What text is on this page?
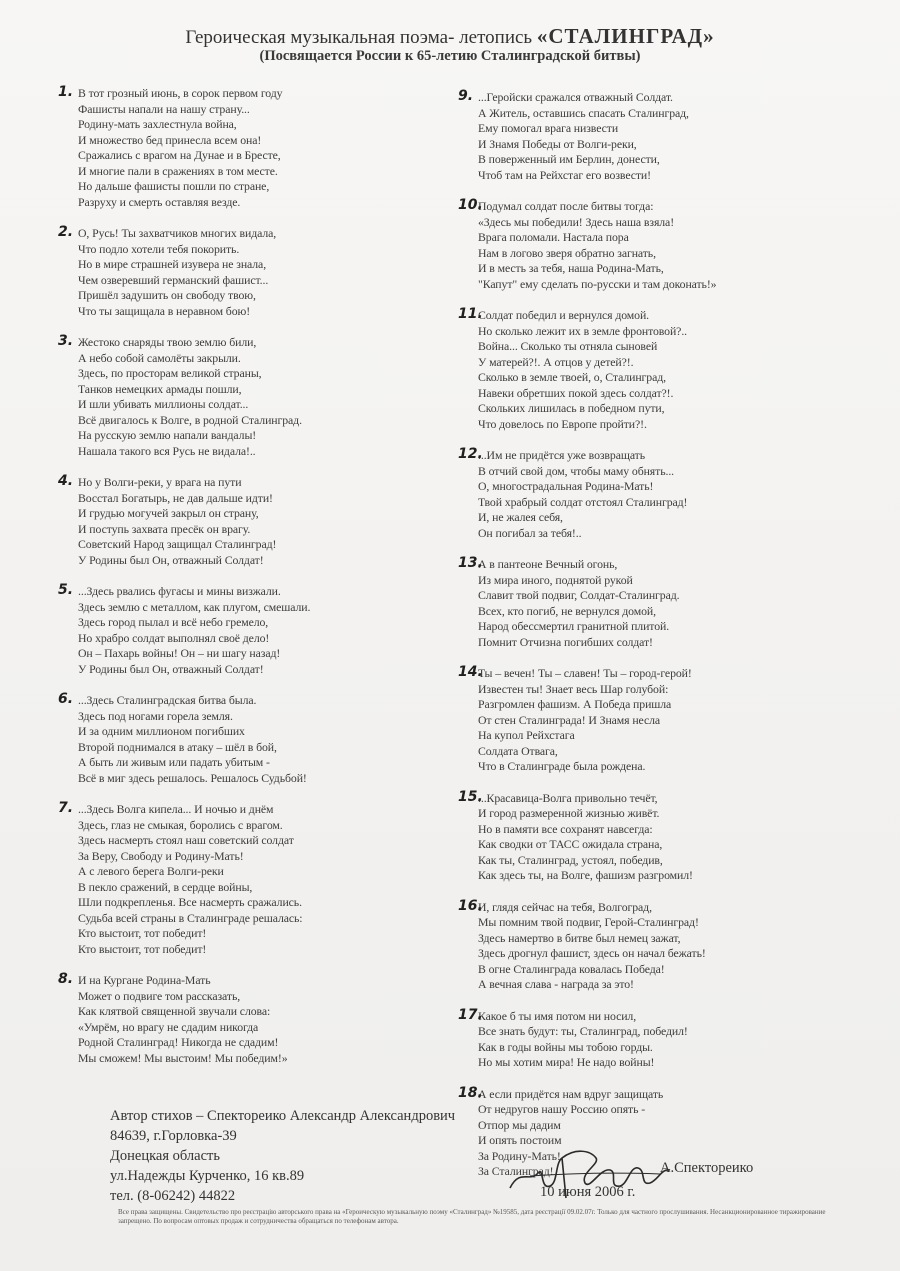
Героическая музыкальная поэма- летопись «СТАЛИНГРАД»
(Посвящается России к 65-летию Сталинградской битвы)
1. В тот грозный июнь, в сорок первом году
Фашисты напали на нашу страну...
Родину-мать захлестнула война,
И множество бед принесла всем она!
Сражались с врагом на Дунае и в Бресте,
И многие пали в сражениях в том месте.
Но дальше фашисты пошли по стране,
Разруху и смерть оставляя везде.
2. О, Русь! Ты захватчиков многих видала,
Что подло хотели тебя покорить.
Но в мире страшней изувера не знала,
Чем озверевший германский фашист...
Пришёл задушить он свободу твою,
Что ты защищала в неравном бою!
3. Жестоко снаряды твою землю били,
А небо собой самолёты закрыли.
Здесь, по просторам великой страны,
Танков немецких армады пошли,
И шли убивать миллионы солдат...
Всё двигалось к Волге, в родной Сталинград.
На русскую землю напали вандалы!
Нашала такого вся Русь не видала!..
4. Но у Волги-реки, у врага на пути
Восстал Богатырь, не дав дальше идти!
И грудью могучей закрыл он страну,
И поступь захвата пресёк он врагу.
Советский Народ защищал Сталинград!
У Родины был Он, отважный Солдат!
5. ...Здесь рвались фугасы и мины визжали.
Здесь землю с металлом, как плугом, смешали.
Здесь город пылал и всё небо гремело,
Но храбро солдат выполнял своё дело!
Он – Пахарь войны! Он – ни шагу назад!
У Родины был Он, отважный Солдат!
6. ...Здесь Сталинградская битва была.
Здесь под ногами горела земля.
И за одним миллионом погибших
Второй поднимался в атаку – шёл в бой,
А быть ли живым или падать убитым -
Всё в миг здесь решалось. Решалось Судьбой!
7. ...Здесь Волга кипела... И ночью и днём
Здесь, глаз не смыкая, боролись с врагом.
Здесь насмерть стоял наш советский солдат
За Веру, Свободу и Родину-Мать!
А с левого берега Волги-реки
В пекло сражений, в сердце войны,
Шли подкрепленья. Все насмерть сражались.
Судьба всей страны в Сталинграде решалась:
Кто выстоит, тот победит!
Кто выстоит, тот победит!
8. И на Кургане Родина-Мать
Может о подвиге том рассказать,
Как клятвой священной звучали слова:
«Умрём, но врагу не сдадим никогда
Родной Сталинград! Никогда не сдадим!
Мы сможем! Мы выстоим! Мы победим!»
9. ...Геройски сражался отважный Солдат.
А Житель, оставшись спасать Сталинград,
Ему помогал врага низвести
И Знамя Победы от Волги-реки,
В поверженный им Берлин, донести,
Чтоб там на Рейхстаг его возвести!
10.
Подумал солдат после битвы тогда:
«Здесь мы победили! Здесь наша взяла!
Врага поломали. Настала пора
Нам в логово зверя обратно загнать,
И в месть за тебя, наша Родина-Мать,
"Капут" ему сделать по-русски и там доконать!»
11.
Солдат победил и вернулся домой.
Но сколько лежит их в земле фронтовой?..
Война... Сколько ты отняла сыновей
У матерей?!. А отцов у детей?!.
Сколько в земле твоей, о, Сталинград,
Навеки обретших покой здесь солдат?!.
Скольких лишилась в победном пути,
Что довелось по Европе пройти?!.
12.
...Им не придётся уже возвращать
В отчий свой дом, чтобы маму обнять...
О, многострадальная Родина-Мать!
Твой храбрый солдат отстоял Сталинград!
И, не жалея себя,
Он погибал за тебя!..
13.
А в пантеоне Вечный огонь,
Из мира иного, поднятой рукой
Славит твой подвиг, Солдат-Сталинград.
Всех, кто погиб, не вернулся домой,
Народ обессмертил гранитной плитой.
Помнит Отчизна погибших солдат!
14.
Ты – вечен! Ты – славен! Ты – город-герой!
Известен ты! Знает весь Шар голубой:
Разгромлен фашизм. А Победа пришла
От стен Сталинграда! И Знамя несла
На купол Рейхстага
Солдата Отвага,
Что в Сталинграде была рождена.
15.
...Красавица-Волга привольно течёт,
И город размеренной жизнью живёт.
Но в памяти все сохранят навсегда:
Как сводки от ТАСС ожидала страна,
Как ты, Сталинград, устоял, победив,
Как здесь ты, на Волге, фашизм разгромил!
16.
И, глядя сейчас на тебя, Волгоград,
Мы помним твой подвиг, Герой-Сталинград!
Здесь намертво в битве был немец зажат,
Здесь дрогнул фашист, здесь он начал бежать!
В огне Сталинграда ковалась Победа!
А вечная слава - награда за это!
17.
Какое б ты имя потом ни носил,
Все знать будут: ты, Сталинград, победил!
Как в годы войны мы тобою горды.
Но мы хотим мира! Не надо войны!
18.
А если придётся нам вдруг защищать
От недругов нашу Россию опять -
Отпор мы дадим
И опять постоим
За Родину-Мать!
За Сталинград!
Автор стихов – Спектореико Александр Александрович
84639, г.Горловка-39
Донецкая область
ул.Надежды Курченко, 16 кв.89
тел. (8-06242) 44822
А.Спектореико
10 июня 2006 г.
Все права защищены. Свидетельство про реєстрацію авторського права на «Героическую музыкальную поэму «Сталинград» №19585, дата реєстрації 09.02.07г. Только для частного прослушивания. Несанкционированное тиражирование запрещено. По вопросам оптовых продаж и сотрудничества обращаться по телефонам автора.
